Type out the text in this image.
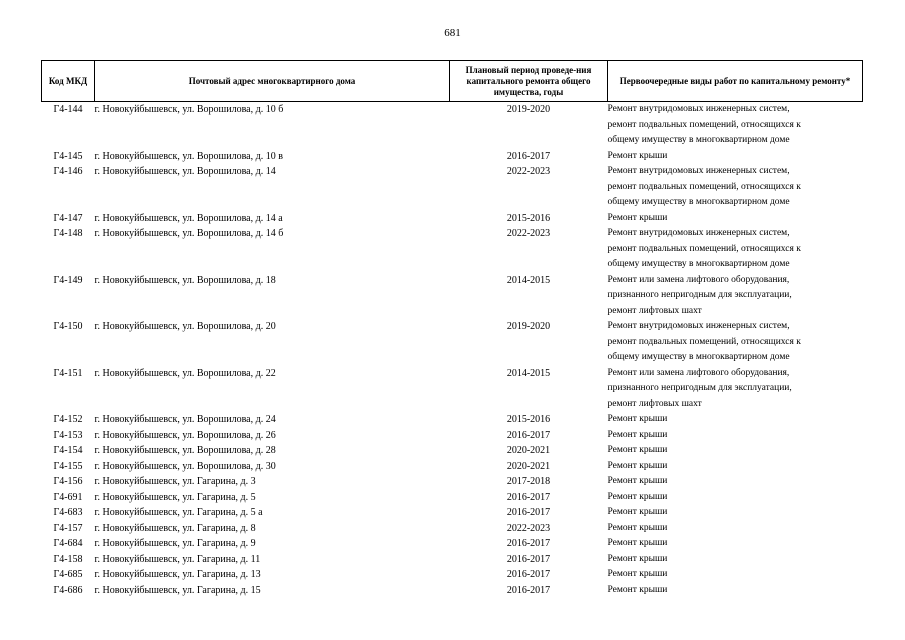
681
Код МКД	Почтовый адрес многоквартирного дома	Плановый период проведе-ния капитального ремонта общего имущества, годы	Первоочередные виды работ по капитальному ремонту*
Г4-144	г. Новокуйбышевск, ул. Ворошилова, д. 10 б	2019-2020	Ремонт внутридомовых инженерных систем,
ремонт подвальных помещений, относящихся к
общему имуществу в многоквартирном доме

Г4-145	г. Новокуйбышевск, ул. Ворошилова, д. 10 в	2016-2017	Ремонт крыши

Г4-146	г. Новокуйбышевск, ул. Ворошилова, д. 14	2022-2023	Ремонт внутридомовых инженерных систем,
ремонт подвальных помещений, относящихся к
общему имуществу в многоквартирном доме

Г4-147	г. Новокуйбышевск, ул. Ворошилова, д. 14 а	2015-2016	Ремонт крыши

Г4-148	г. Новокуйбышевск, ул. Ворошилова, д. 14 б	2022-2023	Ремонт внутридомовых инженерных систем,
ремонт подвальных помещений, относящихся к
общему имуществу в многоквартирном доме

Г4-149	г. Новокуйбышевск, ул. Ворошилова, д. 18	2014-2015	Ремонт или замена лифтового оборудования,
признанного непригодным для эксплуатации,
ремонт лифтовых шахт

Г4-150	г. Новокуйбышевск, ул. Ворошилова, д. 20	2019-2020	Ремонт внутридомовых инженерных систем,
ремонт подвальных помещений, относящихся к
общему имуществу в многоквартирном доме

Г4-151	г. Новокуйбышевск, ул. Ворошилова, д. 22	2014-2015	Ремонт или замена лифтового оборудования,
признанного непригодным для эксплуатации,
ремонт лифтовых шахт

Г4-152	г. Новокуйбышевск, ул. Ворошилова, д. 24	2015-2016	Ремонт крыши

Г4-153	г. Новокуйбышевск, ул. Ворошилова, д. 26	2016-2017	Ремонт крыши

Г4-154	г. Новокуйбышевск, ул. Ворошилова, д. 28	2020-2021	Ремонт крыши

Г4-155	г. Новокуйбышевск, ул. Ворошилова, д. 30	2020-2021	Ремонт крыши

Г4-156	г. Новокуйбышевск, ул. Гагарина, д. 3	2017-2018	Ремонт крыши

Г4-691	г. Новокуйбышевск, ул. Гагарина, д. 5	2016-2017	Ремонт крыши

Г4-683	г. Новокуйбышевск, ул. Гагарина, д. 5 а	2016-2017	Ремонт крыши

Г4-157	г. Новокуйбышевск, ул. Гагарина, д. 8	2022-2023	Ремонт крыши

Г4-684	г. Новокуйбышевск, ул. Гагарина, д. 9	2016-2017	Ремонт крыши

Г4-158	г. Новокуйбышевск, ул. Гагарина, д. 11	2016-2017	Ремонт крыши

Г4-685	г. Новокуйбышевск, ул. Гагарина, д. 13	2016-2017	Ремонт крыши

Г4-686	г. Новокуйбышевск, ул. Гагарина, д. 15	2016-2017	Ремонт крыши
